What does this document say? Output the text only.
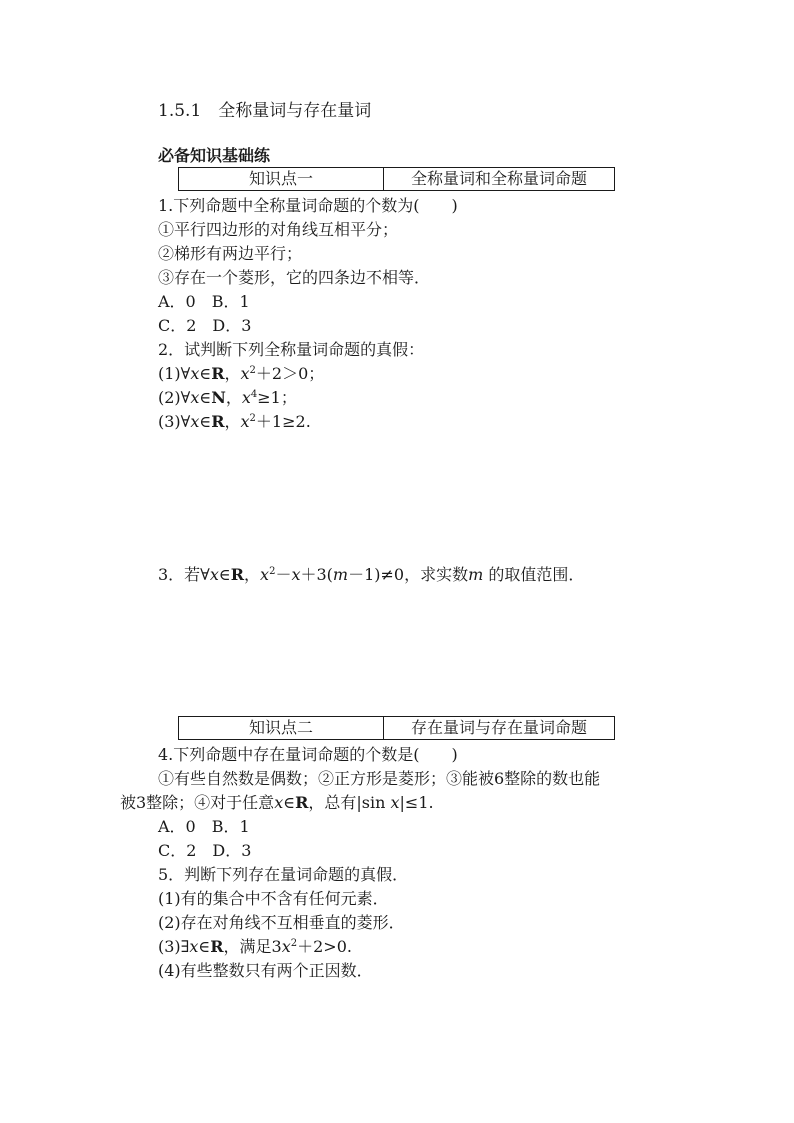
1.5.1　全称量词与存在量词
必备知识基础练
知识点一	全称量词和全称量词命题
1.下列命题中全称量词命题的个数为(　　)
①平行四边形的对角线互相平分；
②梯形有两边平行；
③存在一个菱形，它的四条边不相等．
A．0　B．1
C．2　D．3
2．试判断下列全称量词命题的真假：
(1)∀x∈R，$x^2+2>0$；
(2)∀x∈N，$x^4\ge 1$；
(3)∀x∈R，$x^2+1\ge 2$.
3．若∀x∈R，$x^2-x+3(m-1)\ne 0$，求实数m 的取值范围．
知识点二	存在量词与存在量词命题
4.下列命题中存在量词命题的个数是(　　)
①有些自然数是偶数；②正方形是菱形；③能被6整除的数也能
被3整除；④对于任意x∈R，总有|sin x|≤1.
A．0　B．1
C．2　D．3
5．判断下列存在量词命题的真假．
(1)有的集合中不含有任何元素．
(2)存在对角线不互相垂直的菱形．
(3)∃x∈R，满足$3x^2+2>0$.
(4)有些整数只有两个正因数．
